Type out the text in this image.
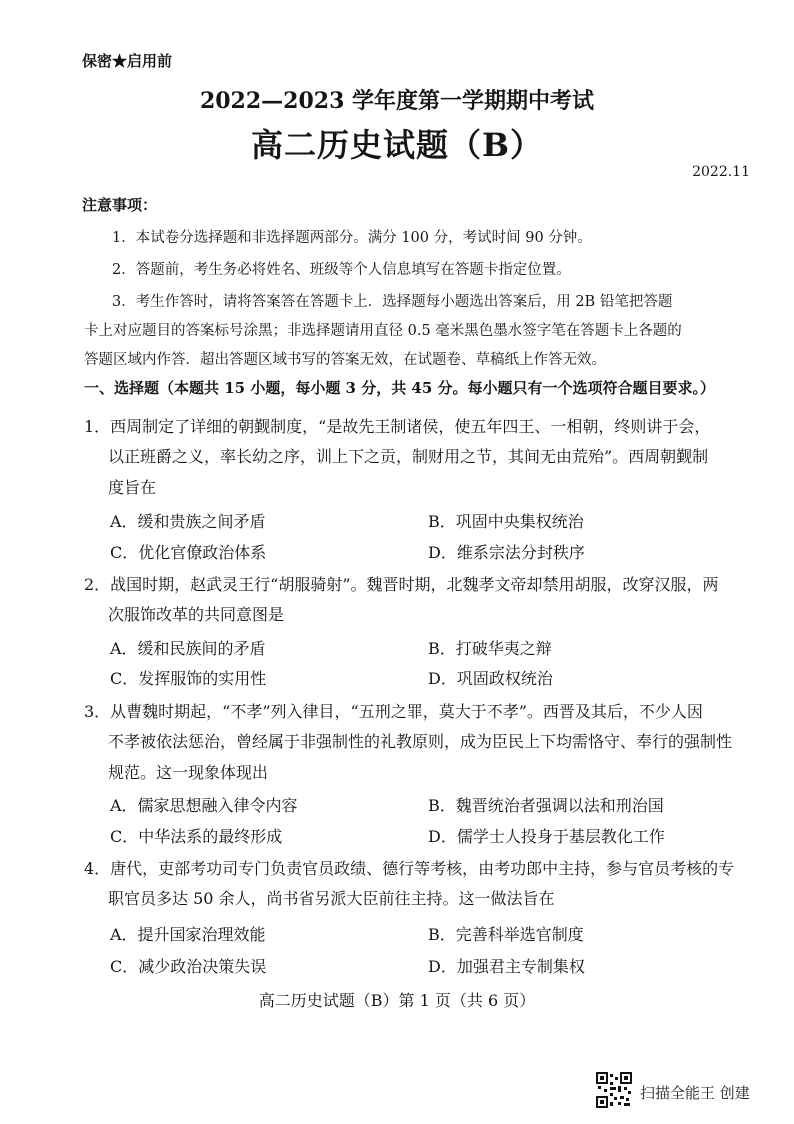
保密★启用前
2022—2023 学年度第一学期期中考试
高二历史试题（B）
2022.11
注意事项：
1．本试卷分选择题和非选择题两部分。满分 100 分，考试时间 90 分钟。
2．答题前，考生务必将姓名、班级等个人信息填写在答题卡指定位置。
3．考生作答时，请将答案答在答题卡上．选择题每小题选出答案后，用 2B 铅笔把答题
卡上对应题目的答案标号涂黑；非选择题请用直径 0.5 毫米黑色墨水签字笔在答题卡上各题的
答题区域内作答．超出答题区域书写的答案无效，在试题卷、草稿纸上作答无效。
一、选择题（本题共 15 小题，每小题 3 分，共 45 分。每小题只有一个选项符合题目要求。）
1．西周制定了详细的朝觐制度，“是故先王制诸侯，使五年四王、一相朝，终则讲于会，
以正班爵之义，率长幼之序，训上下之贡，制财用之节，其间无由荒殆”。西周朝觐制
度旨在
A．缓和贵族之间矛盾	B．巩固中央集权统治
C．优化官僚政治体系	D．维系宗法分封秩序
2．战国时期，赵武灵王行“胡服骑射”。魏晋时期，北魏孝文帝却禁用胡服，改穿汉服，两
次服饰改革的共同意图是
A．缓和民族间的矛盾	B．打破华夷之辩
C．发挥服饰的实用性	D．巩固政权统治
3．从曹魏时期起，“不孝”列入律目，“五刑之罪，莫大于不孝”。西晋及其后，不少人因
不孝被依法惩治，曾经属于非强制性的礼教原则，成为臣民上下均需恪守、奉行的强制性
规范。这一现象体现出
A．儒家思想融入律令内容	B．魏晋统治者强调以法和刑治国
C．中华法系的最终形成	D．儒学士人投身于基层教化工作
4．唐代，吏部考功司专门负责官员政绩、德行等考核，由考功郎中主持，参与官员考核的专
职官员多达 50 余人，尚书省另派大臣前往主持。这一做法旨在
A．提升国家治理效能	B．完善科举选官制度
C．减少政治决策失误	D．加强君主专制集权
高二历史试题（B）第 1 页（共 6 页）
扫描全能王 创建
